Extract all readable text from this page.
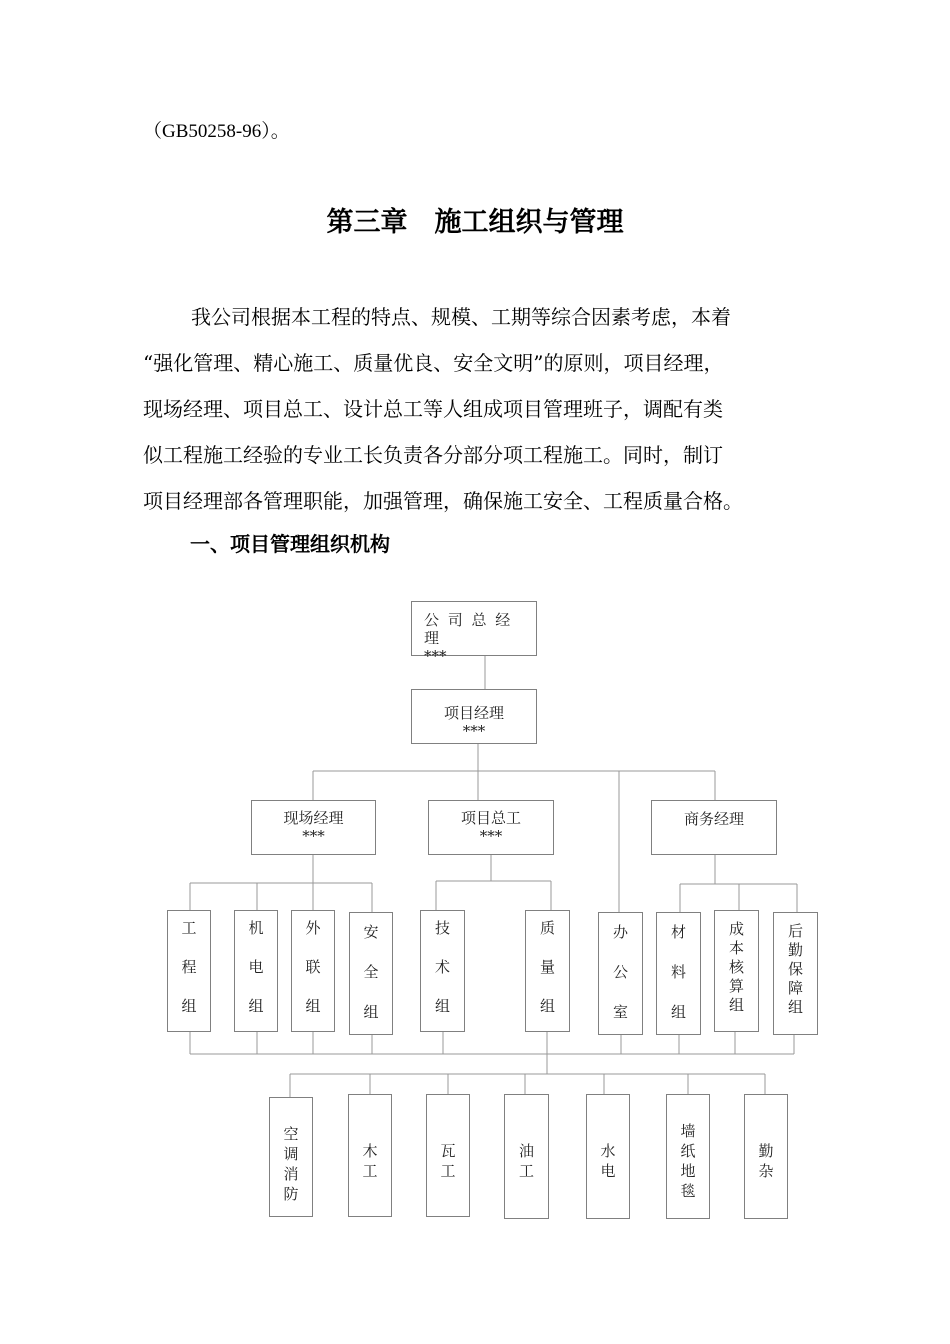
（GB50258-96）。
第三章　施工组织与管理

我公司根据本工程的特点、规模、工期等综合因素考虑，本着

“强化管理、精心施工、质量优良、安全文明”的原则，项目经理，

现场经理、项目总工、设计总工等人组成项目管理班子，调配有类

似工程施工经验的专业工长负责各分部分项工程施工。同时，制订

项目经理部各管理职能，加强管理，确保施工安全、工程质量合格。

一、项目管理组织机构
公 司 总 经 理
***
项目经理
***
现场经理
***
项目总工
***
商务经理
工
程
组
机
电
组
外
联
组
安
全
组
技
术
组
质
量
组
办
公
室
材
料
组
成
本
核
算
组
后
勤
保
障
组
空
调
消
防
木
工
瓦
工
油
工
水
电
墙
纸
地
毯
勤
杂
